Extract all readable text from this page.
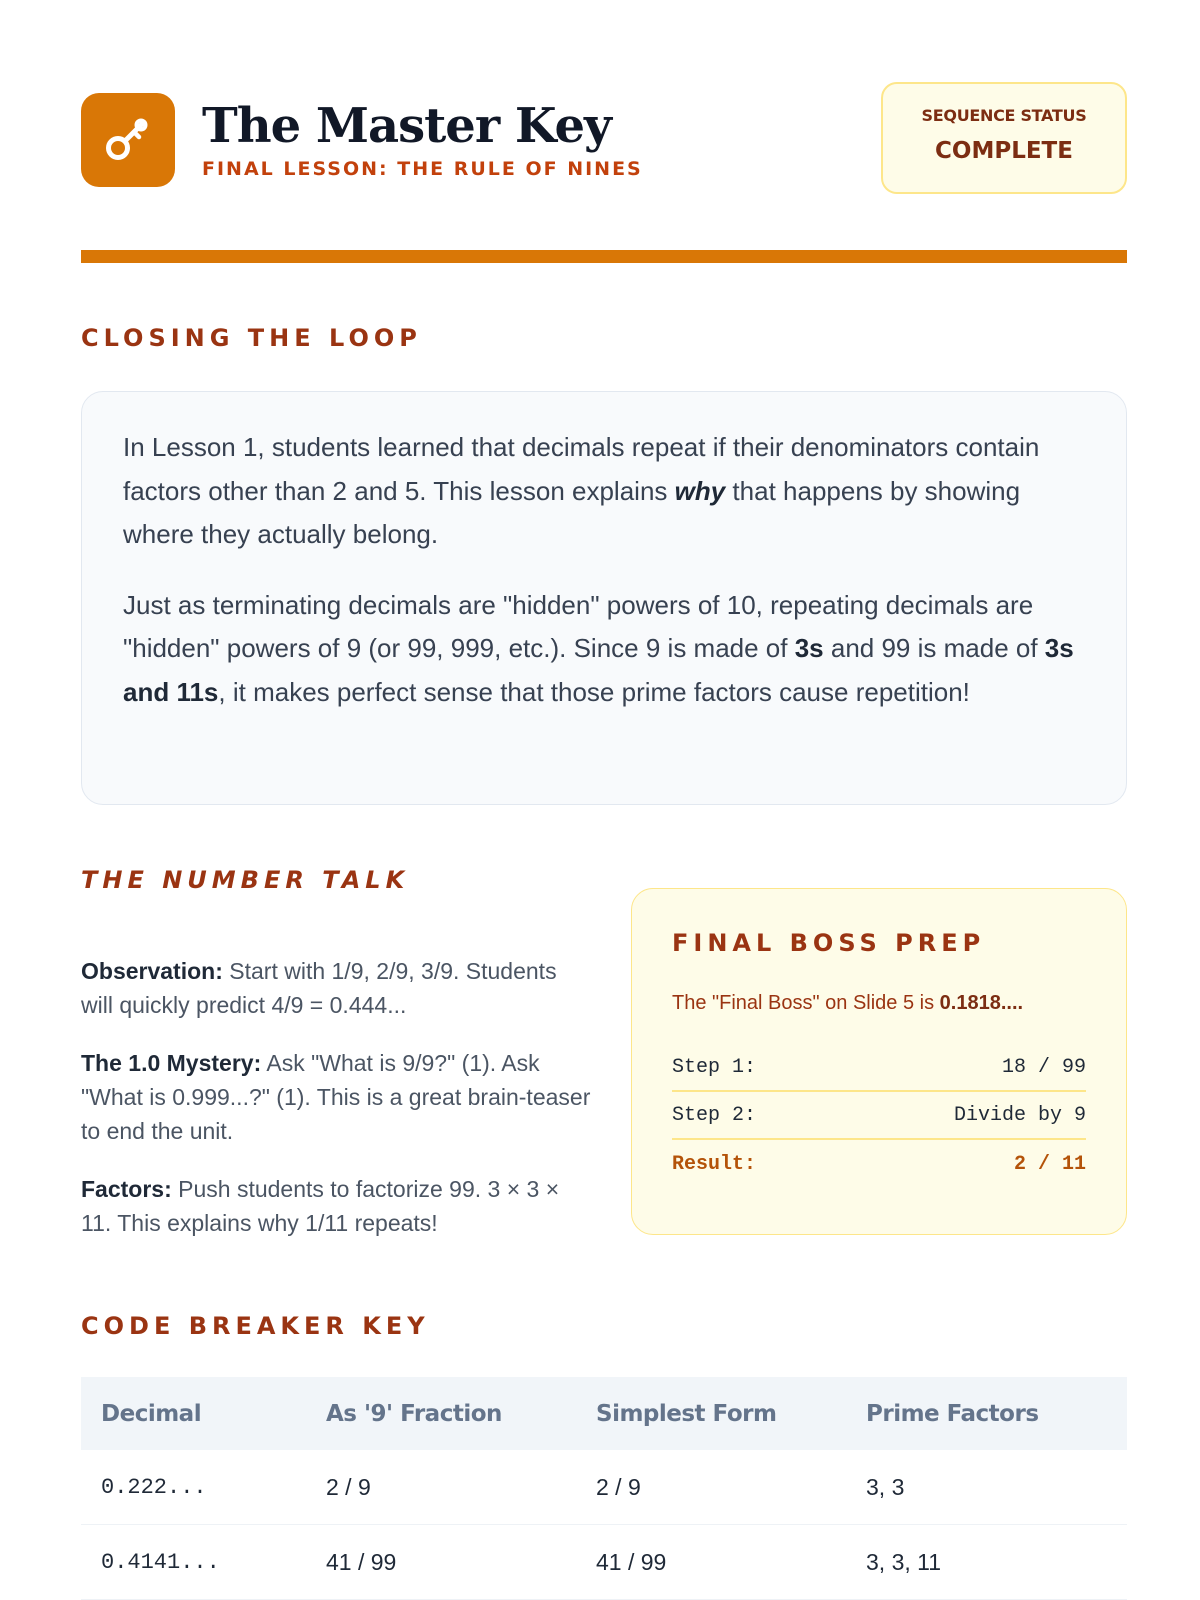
The Master Key
FINAL LESSON: THE RULE OF NINES
SEQUENCE STATUS
COMPLETE
CLOSING THE LOOP

In Lesson 1, students learned that decimals repeat if their denominators contain factors other than 2 and 5. This lesson explains why that happens by showing where they actually belong.

Just as terminating decimals are "hidden" powers of 10, repeating decimals are "hidden" powers of 9 (or 99, 999, etc.). Since 9 is made of 3s and 99 is made of 3s and 11s, it makes perfect sense that those prime factors cause repetition!

THE NUMBER TALK

Observation: Start with 1/9, 2/9, 3/9. Students will quickly predict 4/9 = 0.444...

The 1.0 Mystery: Ask "What is 9/9?" (1). Ask "What is 0.999...?" (1). This is a great brain-teaser to end the unit.

Factors: Push students to factorize 99. 3 × 3 × 11. This explains why 1/11 repeats!

FINAL BOSS PREP
The "Final Boss" on Slide 5 is 0.1818....
Step 1:	18 / 99
Step 2:	Divide by 9
Result:	2 / 11
CODE BREAKER KEY
Decimal	As '9' Fraction	Simplest Form	Prime Factors
0.222...	2 / 9	2 / 9	3, 3
0.4141...	41 / 99	41 / 99	3, 3, 11
